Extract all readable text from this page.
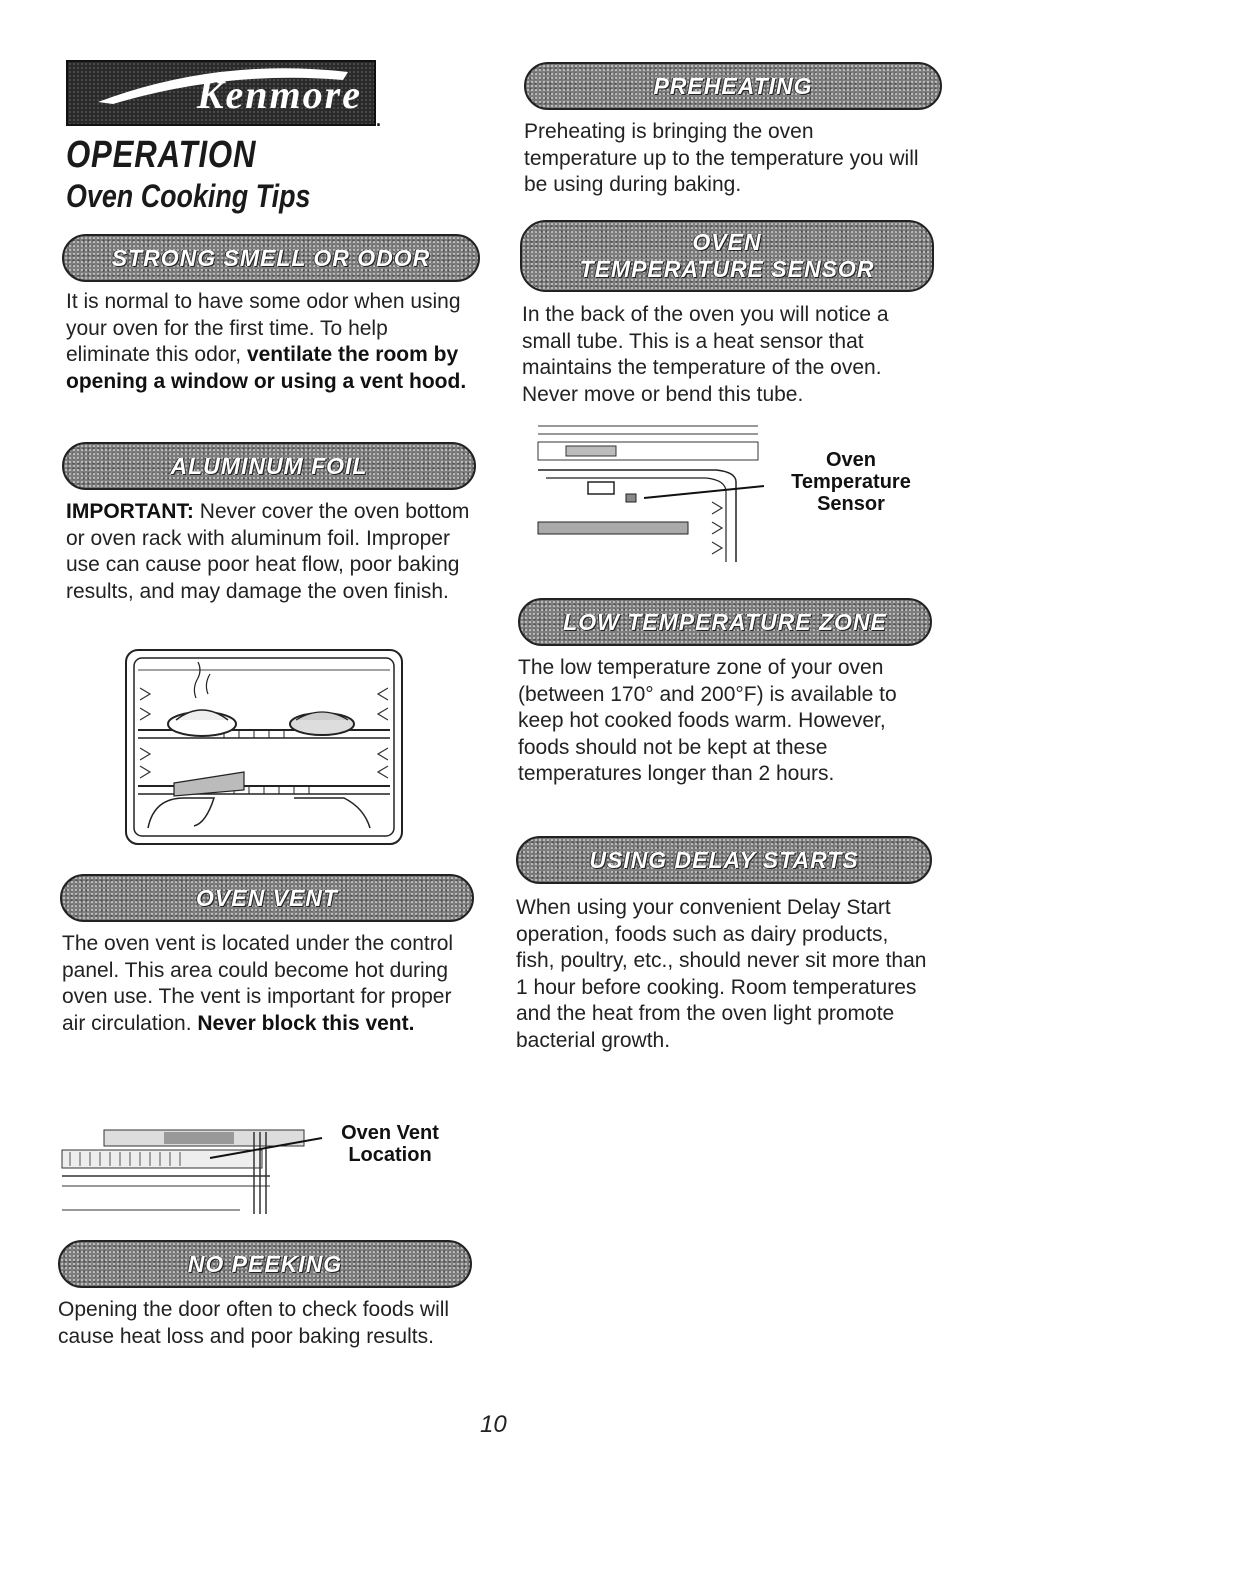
Kenmore
.
OPERATION
Oven Cooking Tips
STRONG SMELL OR ODOR
It is normal to have some odor when using your oven for the first time. To help eliminate this odor, ventilate the room by opening a window or using a vent hood.
ALUMINUM FOIL
IMPORTANT: Never cover the oven bottom or oven rack with aluminum foil. Improper use can cause poor heat flow, poor baking results, and may damage the oven finish.
OVEN VENT
The oven vent is located under the control panel. This area could become hot during oven use. The vent is important for proper air circulation. Never block this vent.
Oven Vent
Location
NO PEEKING
Opening the door often to check foods will cause heat loss and poor baking results.
PREHEATING
Preheating is bringing the oven temperature up to the temperature you will be using during baking.
OVEN
TEMPERATURE SENSOR
In the back of the oven you will notice a small tube. This is a heat sensor that maintains the temperature of the oven. Never move or bend this tube.
Oven
Temperature
Sensor
LOW TEMPERATURE ZONE
The low temperature zone of your oven (between 170° and 200°F) is available to keep hot cooked foods warm. However, foods should not be kept at these temperatures longer than 2 hours.
USING DELAY STARTS
When using your convenient Delay Start operation, foods such as dairy products, fish, poultry, etc., should never sit more than 1 hour before cooking. Room temperatures and the heat from the oven light promote bacterial growth.
10
